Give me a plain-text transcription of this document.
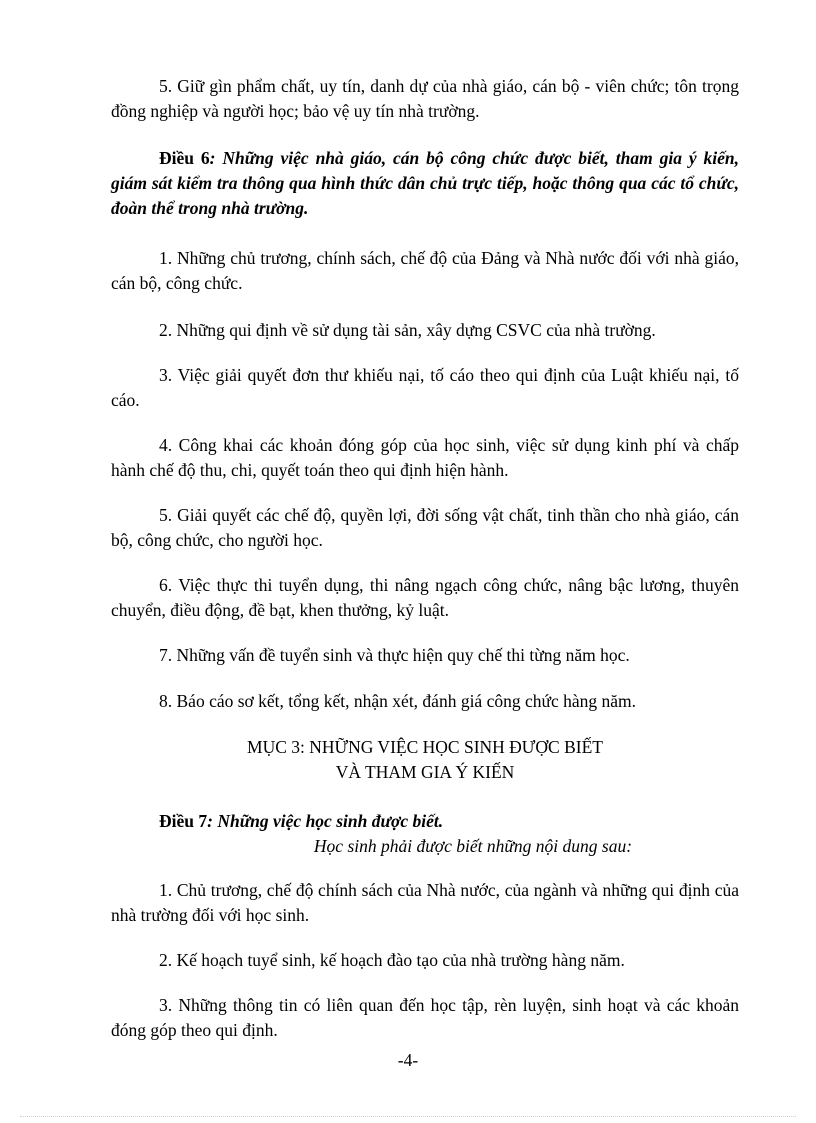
5. Giữ gìn phẩm chất, uy tín, danh dự của nhà giáo, cán bộ - viên chức; tôn trọng đồng nghiệp và người học; bảo vệ uy tín nhà trường.

Điều 6: Những việc nhà giáo, cán bộ công chức được biết, tham gia ý kiến, giám sát kiểm tra thông qua hình thức dân chủ trực tiếp, hoặc thông qua các tổ chức, đoàn thể trong nhà trường.

1. Những chủ trương, chính sách, chế độ của Đảng và Nhà nước đối với nhà giáo, cán bộ, công chức.

2. Những qui định về sử dụng tài sản, xây dựng CSVC của nhà trường.

3. Việc giải quyết đơn thư khiếu nại, tố cáo theo qui định của Luật khiếu nại, tố cáo.

4. Công khai các khoản đóng góp của học sinh, việc sử dụng kinh phí và chấp hành chế độ thu, chi, quyết toán theo qui định hiện hành.

5. Giải quyết các chế độ, quyền lợi, đời sống vật chất, tinh thần cho nhà giáo, cán bộ, công chức, cho người học.

6. Việc thực thi tuyển dụng, thi nâng ngạch công chức, nâng bậc lương, thuyên chuyển, điều động, đề bạt, khen thưởng, kỷ luật.

7. Những vấn đề tuyển sinh và thực hiện quy chế thi từng năm học.

8. Báo cáo sơ kết, tổng kết, nhận xét, đánh giá công chức hàng năm.

MỤC 3: NHỮNG VIỆC HỌC SINH ĐƯỢC BIẾT
VÀ THAM GIA Ý KIẾN

Điều 7: Những việc học sinh được biết.

Học sinh phải được biết những nội dung sau:

1. Chủ trương, chế độ chính sách của Nhà nước, của ngành và những qui định của nhà trường đối với học sinh.

2. Kế hoạch tuyể sinh, kế hoạch đào tạo của nhà trường hàng năm.

3. Những thông tin có liên quan đến học tập, rèn luyện, sinh hoạt và các khoản đóng góp theo qui định.

-4-
